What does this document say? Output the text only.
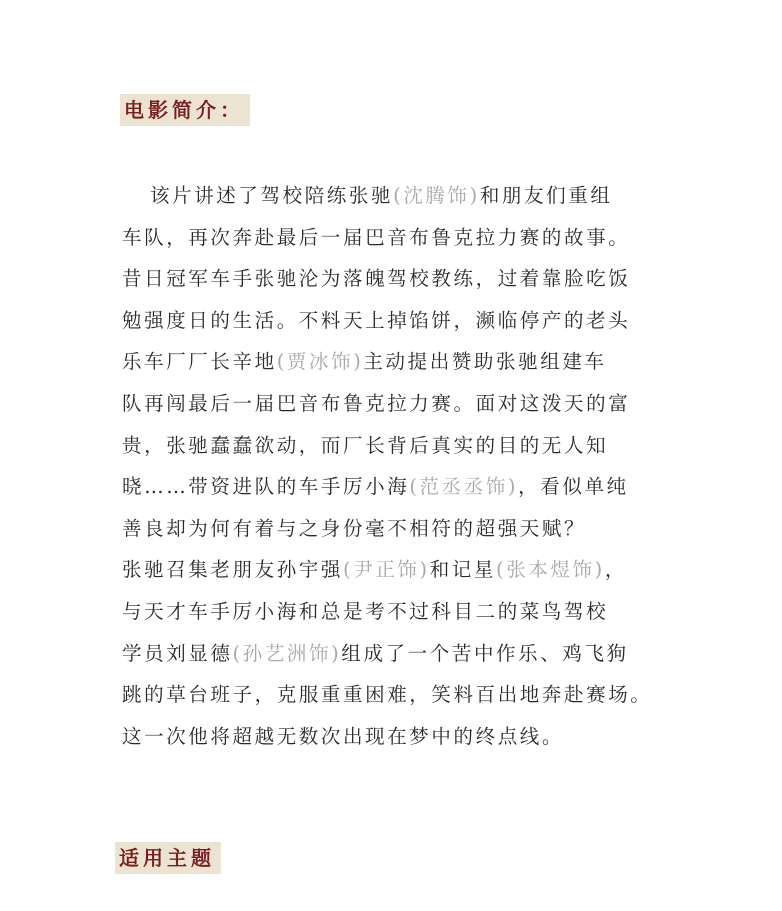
电影简介：
该片讲述了驾校陪练张驰(沈腾饰)和朋友们重组
车队，再次奔赴最后一届巴音布鲁克拉力赛的故事。
昔日冠军车手张驰沦为落魄驾校教练，过着靠脸吃饭
勉强度日的生活。不料天上掉馅饼，濒临停产的老头
乐车厂厂长辛地(贾冰饰)主动提出赞助张驰组建车
队再闯最后一届巴音布鲁克拉力赛。面对这泼天的富
贵，张驰蠢蠢欲动，而厂长背后真实的目的无人知
晓……带资进队的车手厉小海(范丞丞饰)，看似单纯
善良却为何有着与之身份毫不相符的超强天赋？
张驰召集老朋友孙宇强(尹正饰)和记星(张本煜饰)，
与天才车手厉小海和总是考不过科目二的菜鸟驾校
学员刘显德(孙艺洲饰)组成了一个苦中作乐、鸡飞狗
跳的草台班子，克服重重困难，笑料百出地奔赴赛场。
这一次他将超越无数次出现在梦中的终点线。
适用主题
